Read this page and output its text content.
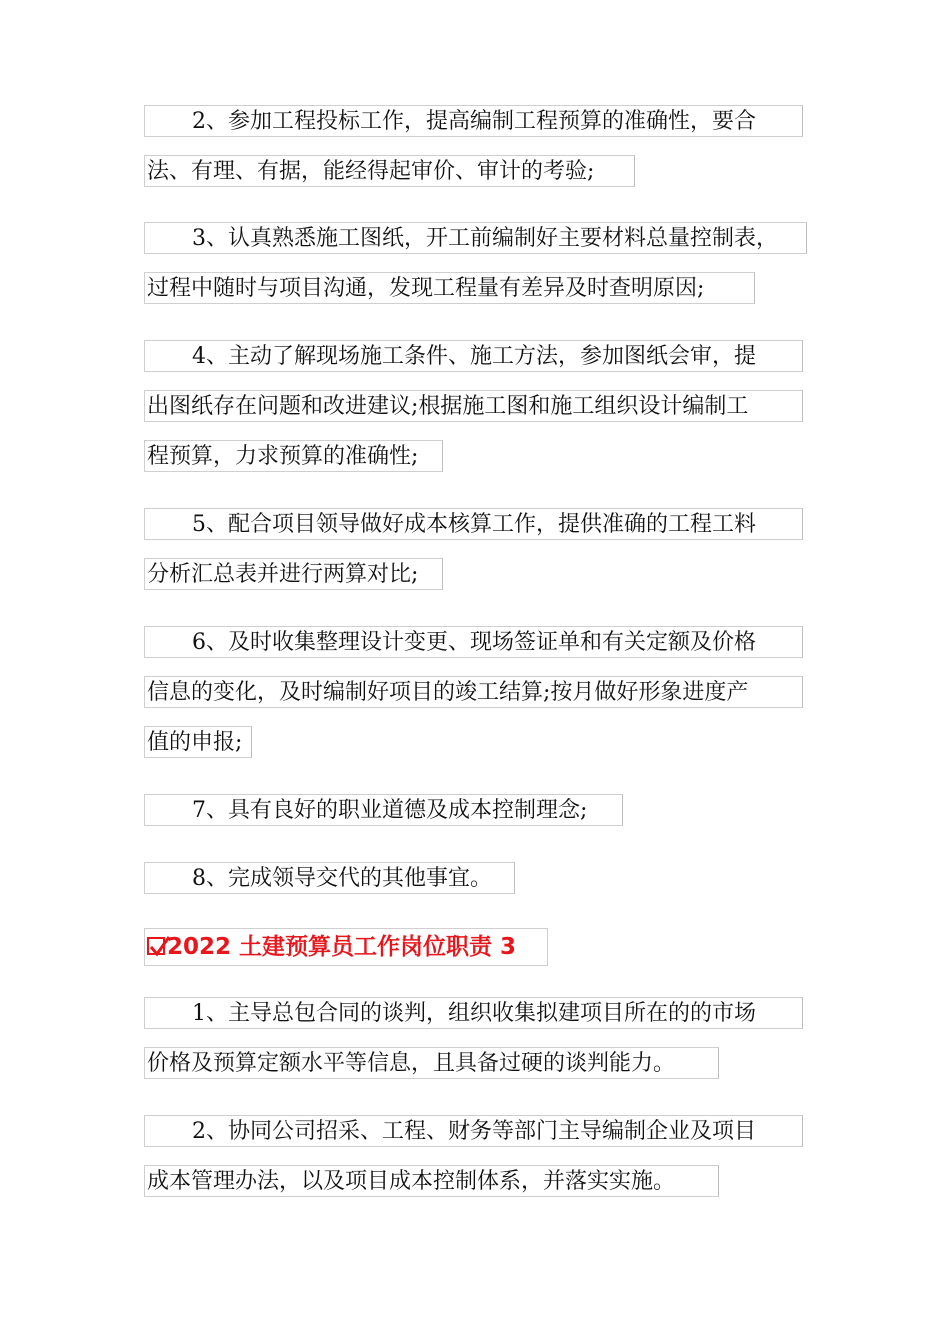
2、参加工程投标工作，提高编制工程预算的准确性，要合
法、有理、有据，能经得起审价、审计的考验;
3、认真熟悉施工图纸，开工前编制好主要材料总量控制表，
过程中随时与项目沟通，发现工程量有差异及时查明原因;
4、主动了解现场施工条件、施工方法，参加图纸会审，提
出图纸存在问题和改进建议;根据施工图和施工组织设计编制工
程预算，力求预算的准确性;
5、配合项目领导做好成本核算工作，提供准确的工程工料
分析汇总表并进行两算对比;
6、及时收集整理设计变更、现场签证单和有关定额及价格
信息的变化，及时编制好项目的竣工结算;按月做好形象进度产
值的申报;
7、具有良好的职业道德及成本控制理念;
8、完成领导交代的其他事宜。
2022 土建预算员工作岗位职责 3
1、主导总包合同的谈判，组织收集拟建项目所在的的市场
价格及预算定额水平等信息，且具备过硬的谈判能力。
2、协同公司招采、工程、财务等部门主导编制企业及项目
成本管理办法，以及项目成本控制体系，并落实实施。
